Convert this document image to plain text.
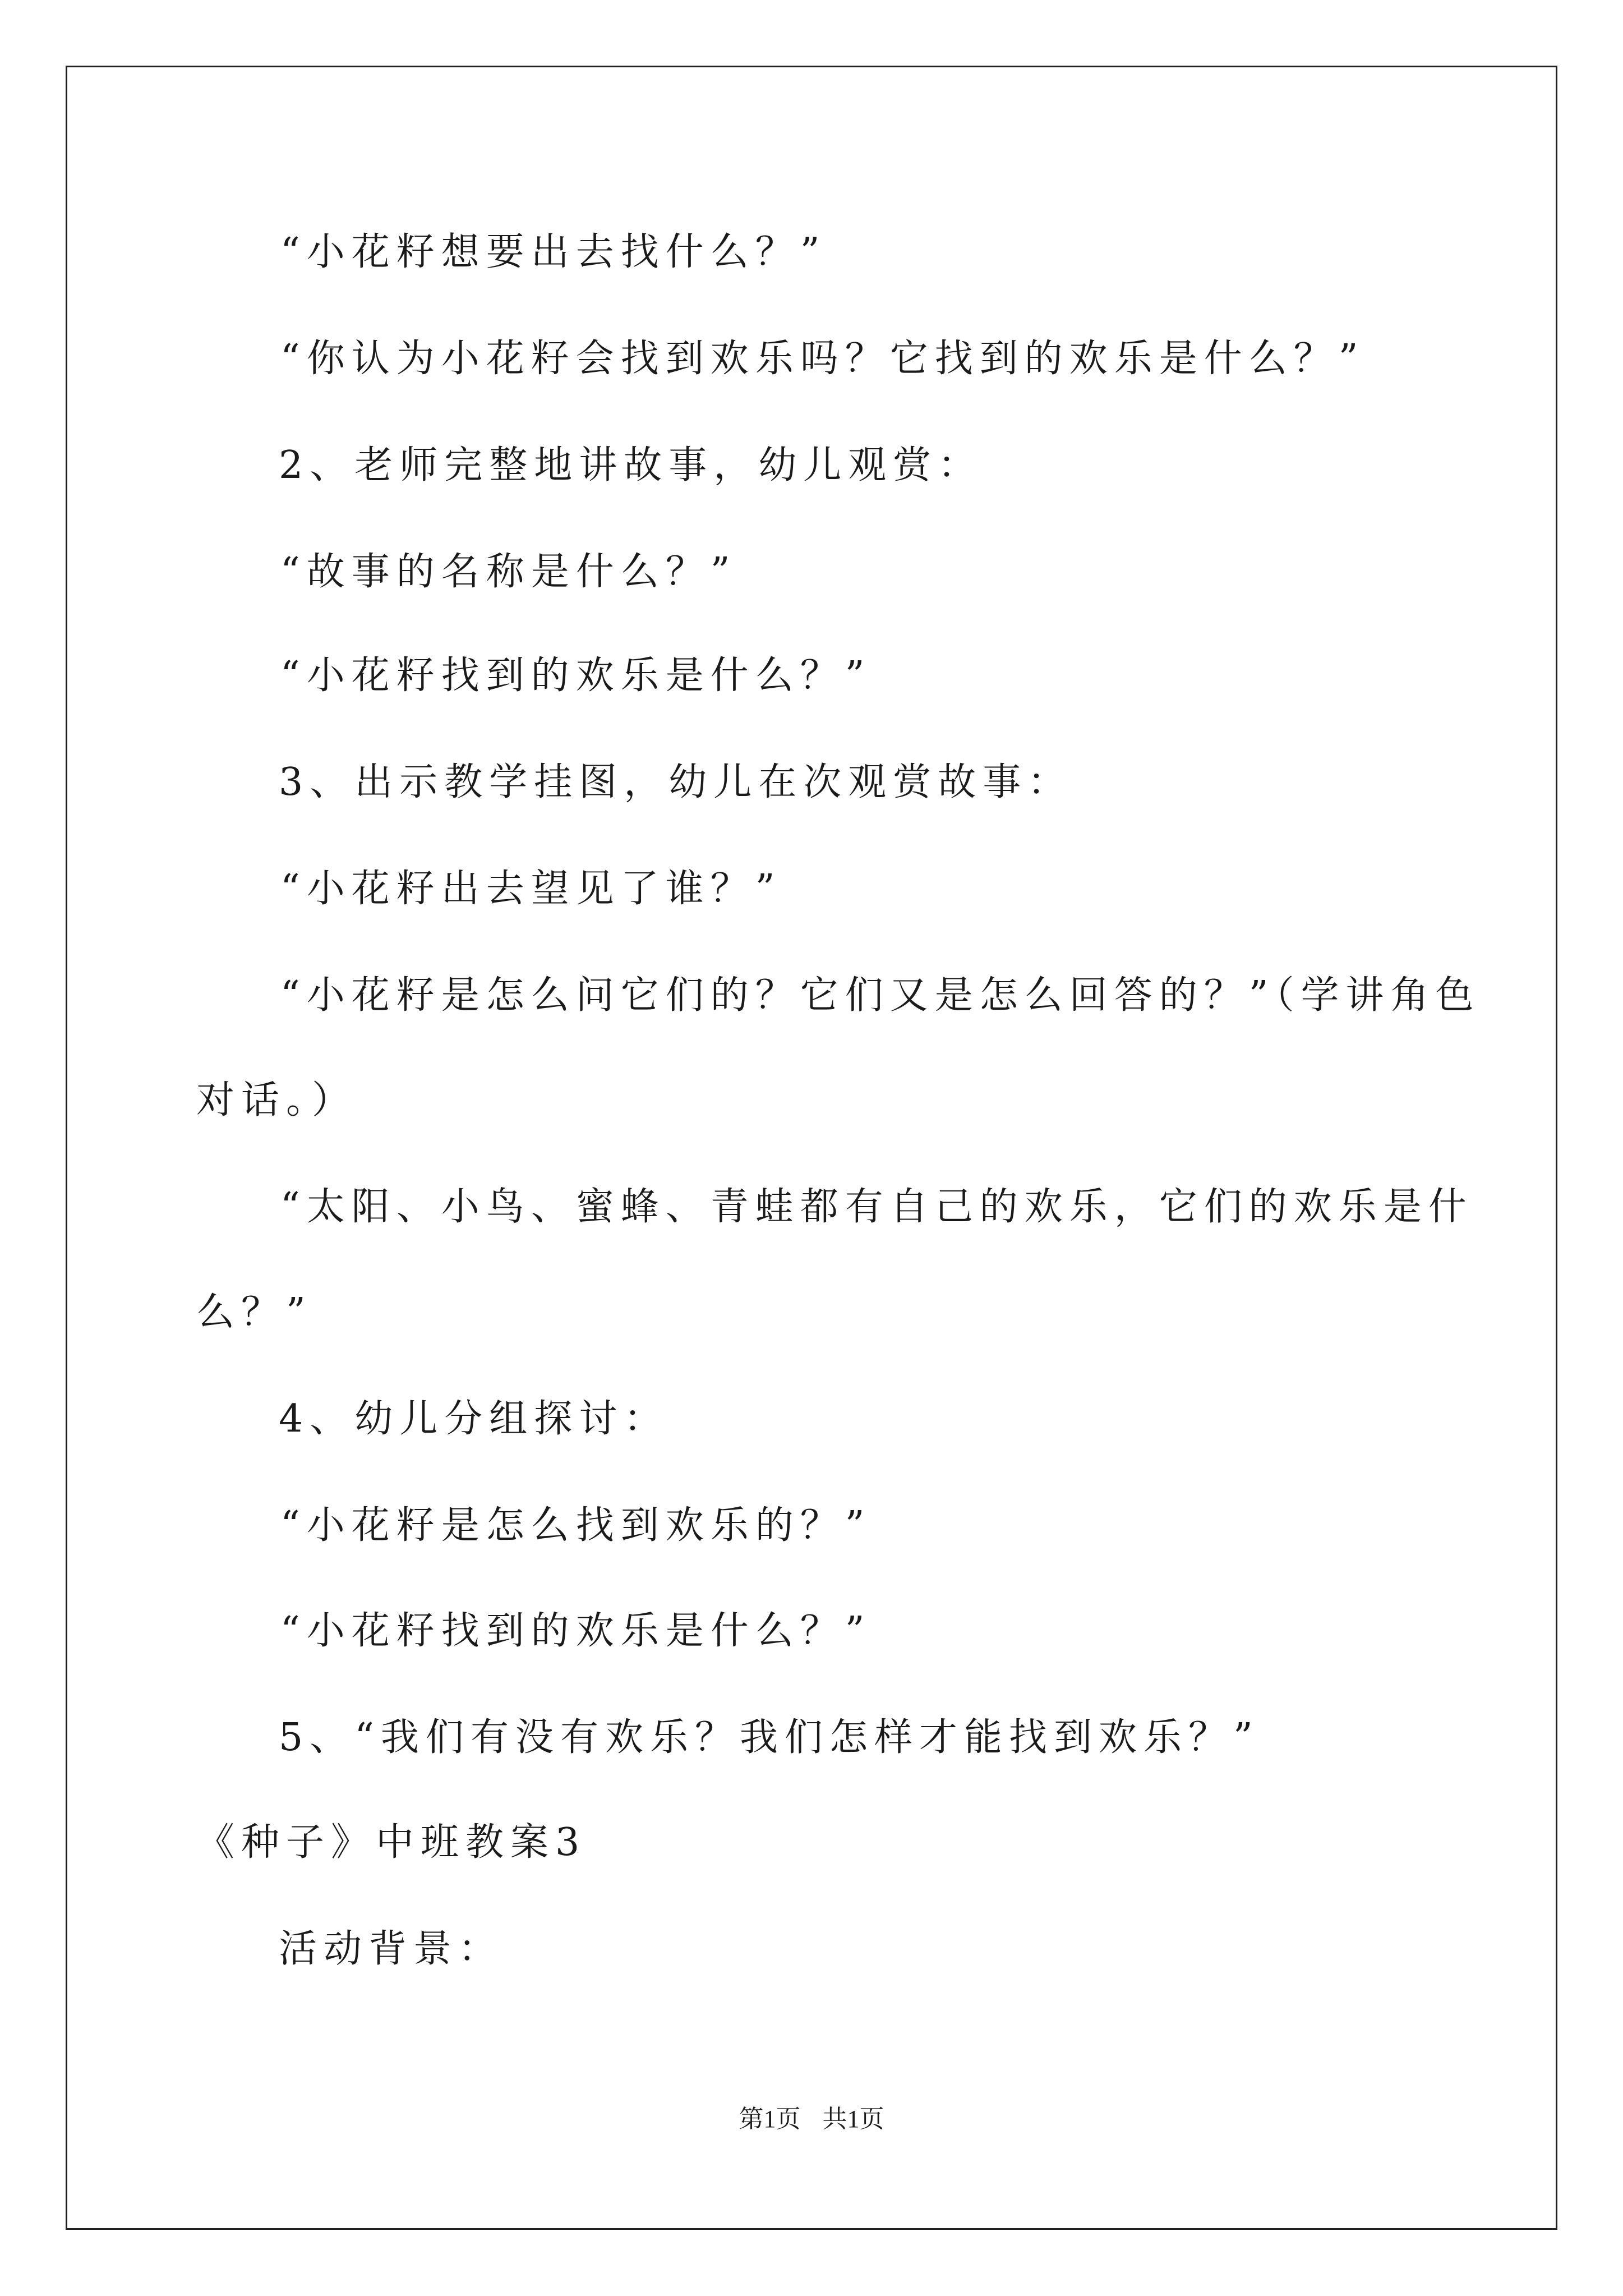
“小花籽想要出去找什么？”
“你认为小花籽会找到欢乐吗？它找到的欢乐是什么？”
2、老师完整地讲故事，幼儿观赏：
“故事的名称是什么？”
“小花籽找到的欢乐是什么？”
3、出示教学挂图，幼儿在次观赏故事：
“小花籽出去望见了谁？”
“小花籽是怎么问它们的？它们又是怎么回答的？”（学讲角色
对话。）
“太阳、小鸟、蜜蜂、青蛙都有自己的欢乐，它们的欢乐是什
么？”
4、幼儿分组探讨：
“小花籽是怎么找到欢乐的？”
“小花籽找到的欢乐是什么？”
5、“我们有没有欢乐？我们怎样才能找到欢乐？”
《种子》中班教案3
活动背景：
第1页 共1页
